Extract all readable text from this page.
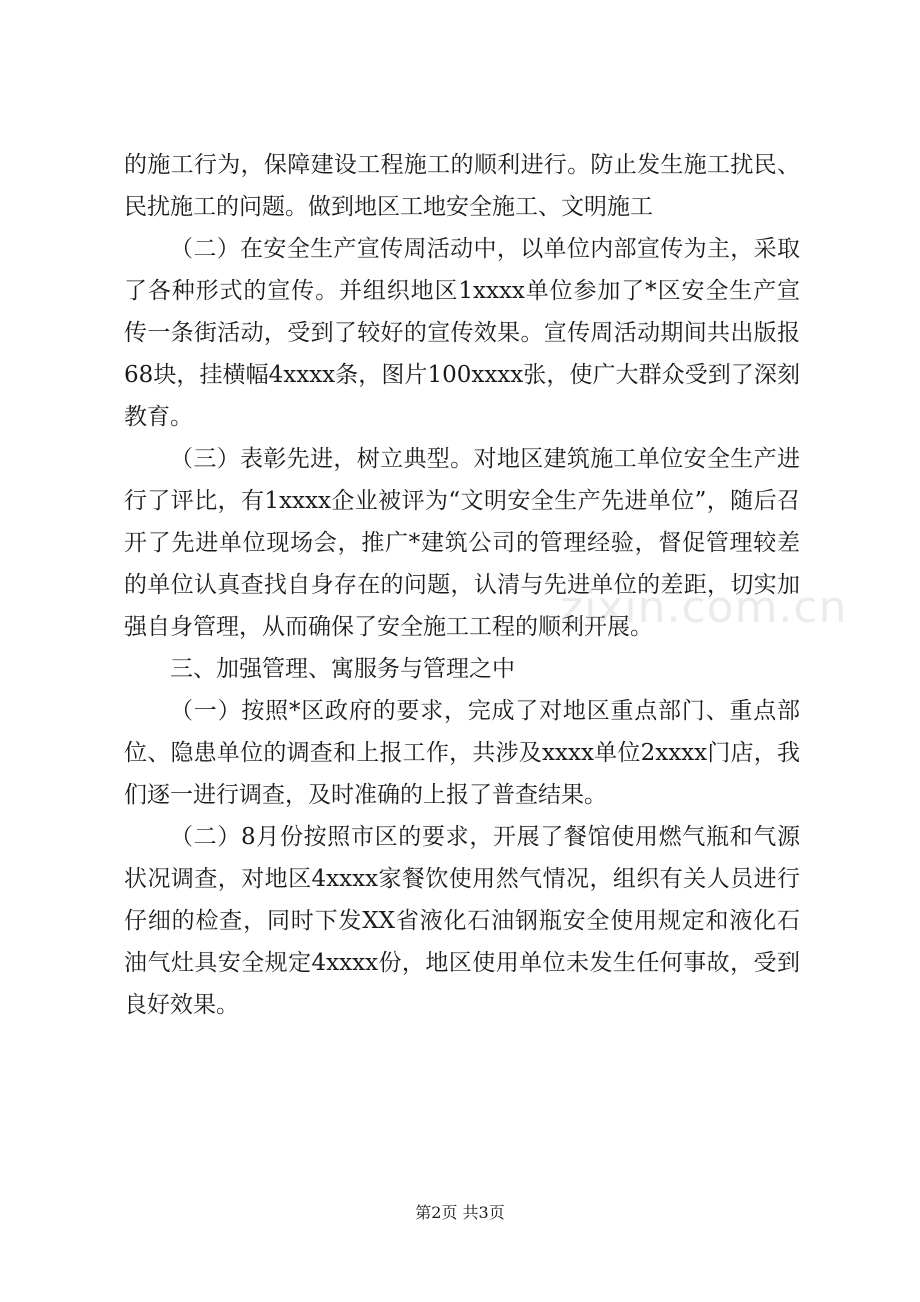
的施工行为，保障建设工程施工的顺利进行。防止发生施工扰民、民扰施工的问题。做到地区工地安全施工、文明施工

（二）在安全生产宣传周活动中，以单位内部宣传为主，采取了各种形式的宣传。并组织地区1xxxx单位参加了*区安全生产宣传一条街活动，受到了较好的宣传效果。宣传周活动期间共出版报68块，挂横幅4xxxx条，图片100xxxx张，使广大群众受到了深刻教育。

（三）表彰先进，树立典型。对地区建筑施工单位安全生产进行了评比，有1xxxx企业被评为“文明安全生产先进单位”，随后召开了先进单位现场会，推广*建筑公司的管理经验，督促管理较差的单位认真查找自身存在的问题，认清与先进单位的差距，切实加强自身管理，从而确保了安全施工工程的顺利开展。

三、加强管理、寓服务与管理之中

（一）按照*区政府的要求，完成了对地区重点部门、重点部位、隐患单位的调查和上报工作，共涉及xxxx单位2xxxx门店，我们逐一进行调查，及时准确的上报了普查结果。

（二）8月份按照市区的要求，开展了餐馆使用燃气瓶和气源状况调查，对地区4xxxx家餐饮使用然气情况，组织有关人员进行仔细的检查，同时下发XX省液化石油钢瓶安全使用规定和液化石油气灶具安全规定4xxxx份，地区使用单位未发生任何事故，受到良好效果。

zixin.com.cn
第2页 共3页
